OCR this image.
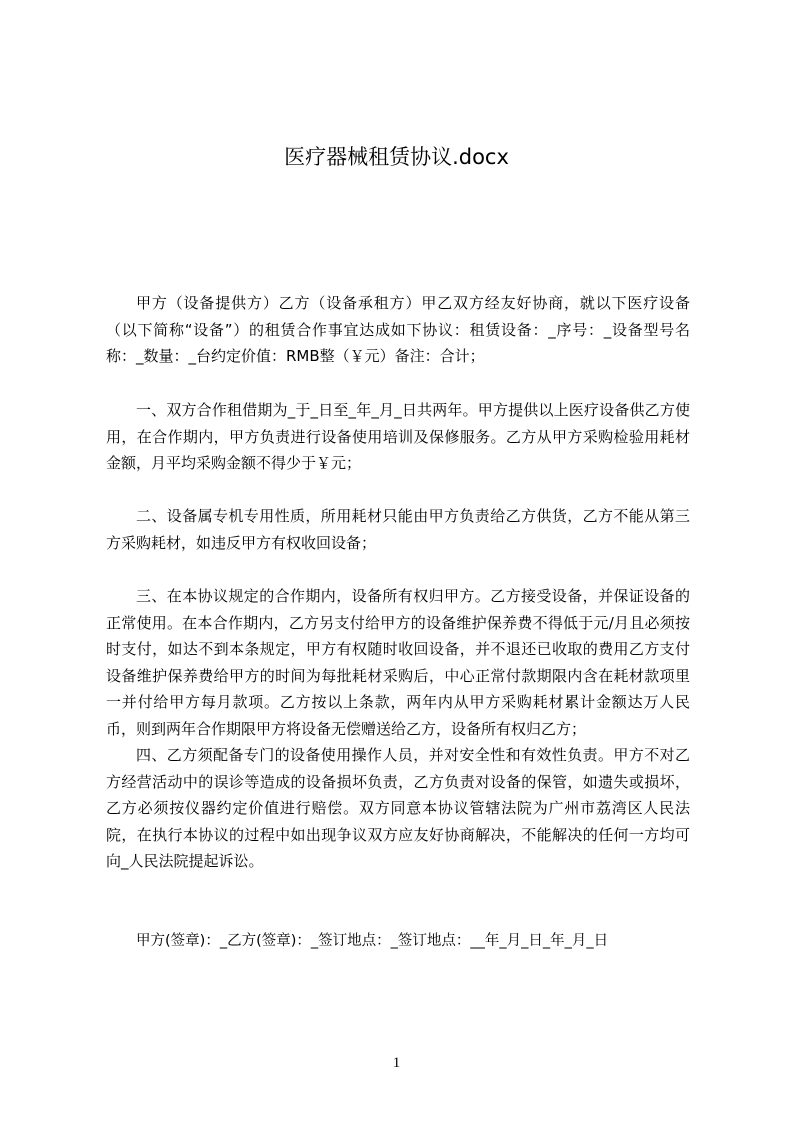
医疗器械租赁协议.docx

甲方（设备提供方）乙方（设备承租方）甲乙双方经友好协商，就以下医疗设备（以下简称“设备”）的租赁合作事宜达成如下协议：租赁设备：_序号：_设备型号名称：_数量：_台约定价值：RMB整（￥元）备注：合计；

一、双方合作租借期为_于_日至_年_月_日共两年。甲方提供以上医疗设备供乙方使用，在合作期内，甲方负责进行设备使用培训及保修服务。乙方从甲方采购检验用耗材金额，月平均采购金额不得少于￥元；

二、设备属专机专用性质，所用耗材只能由甲方负责给乙方供货，乙方不能从第三方采购耗材，如违反甲方有权收回设备；

三、在本协议规定的合作期内，设备所有权归甲方。乙方接受设备，并保证设备的正常使用。在本合作期内，乙方另支付给甲方的设备维护保养费不得低于元/月且必须按时支付，如达不到本条规定，甲方有权随时收回设备，并不退还已收取的费用乙方支付设备维护保养费给甲方的时间为每批耗材采购后，中心正常付款期限内含在耗材款项里一并付给甲方每月款项。乙方按以上条款，两年内从甲方采购耗材累计金额达万人民币，则到两年合作期限甲方将设备无偿赠送给乙方，设备所有权归乙方；

四、乙方须配备专门的设备使用操作人员，并对安全性和有效性负责。甲方不对乙方经营活动中的误诊等造成的设备损坏负责，乙方负责对设备的保管，如遗失或损坏，乙方必须按仪器约定价值进行赔偿。双方同意本协议管辖法院为广州市荔湾区人民法院，在执行本协议的过程中如出现争议双方应友好协商解决，不能解决的任何一方均可向_人民法院提起诉讼。

甲方(签章)：_乙方(签章)：_签订地点：_签订地点：__年_月_日_年_月_日
1
